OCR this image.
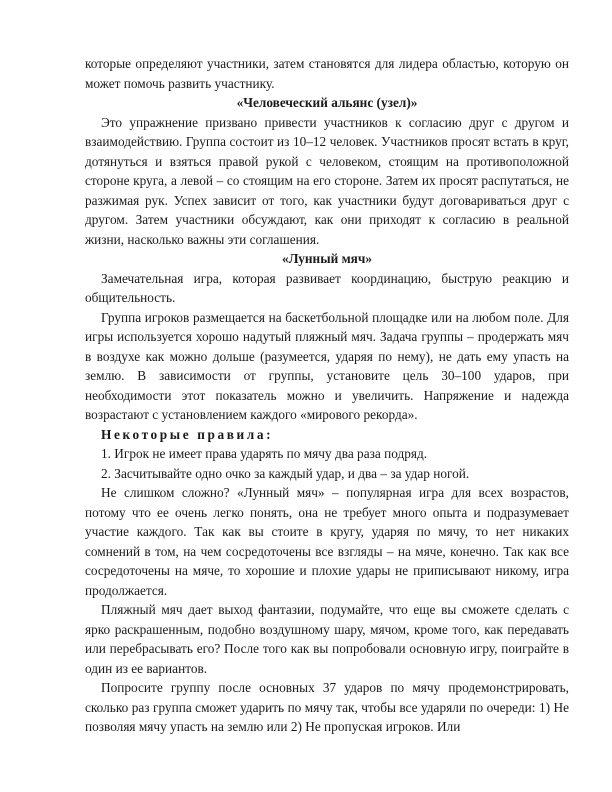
которые определяют участники, затем становятся для лидера областью, которую он может помочь развить участнику.

«Человеческий альянс (узел)»

Это упражнение призвано привести участников к согласию друг с другом и взаимодействию. Группа состоит из 10–12 человек. Участников просят встать в круг, дотянуться и взяться правой рукой с человеком, стоящим на противоположной стороне круга, а левой – со стоящим на его стороне. Затем их просят распутаться, не разжимая рук. Успех зависит от того, как участники будут договариваться друг с другом. Затем участники обсуждают, как они приходят к согласию в реальной жизни, насколько важны эти соглашения.

«Лунный мяч»

Замечательная игра, которая развивает координацию, быструю реакцию и общительность.

Группа игроков размещается на баскетбольной площадке или на любом поле. Для игры используется хорошо надутый пляжный мяч. Задача группы – продержать мяч в воздухе как можно дольше (разумеется, ударяя по нему), не дать ему упасть на землю. В зависимости от группы, установите цель 30–100 ударов, при необходимости этот показатель можно и увеличить. Напряжение и надежда возрастают с установлением каждого «мирового рекорда».

Некоторые правила:

1. Игрок не имеет права ударять по мячу два раза подряд.

2. Засчитывайте одно очко за каждый удар, и два – за удар ногой.

Не слишком сложно? «Лунный мяч» – популярная игра для всех возрастов, потому что ее очень легко понять, она не требует много опыта и подразумевает участие каждого. Так как вы стоите в кругу, ударяя по мячу, то нет никаких сомнений в том, на чем сосредоточены все взгляды – на мяче, конечно. Так как все сосредоточены на мяче, то хорошие и плохие удары не приписывают никому, игра продолжается.

Пляжный мяч дает выход фантазии, подумайте, что еще вы сможете сделать с ярко раскрашенным, подобно воздушному шару, мячом, кроме того, как передавать или перебрасывать его? После того как вы попробовали основную игру, поиграйте в один из ее вариантов.

Попросите группу после основных 37 ударов по мячу продемонстрировать, сколько раз группа сможет ударить по мячу так, чтобы все ударяли по очереди: 1) Не позволяя мячу упасть на землю или 2) Не пропуская игроков. Или
